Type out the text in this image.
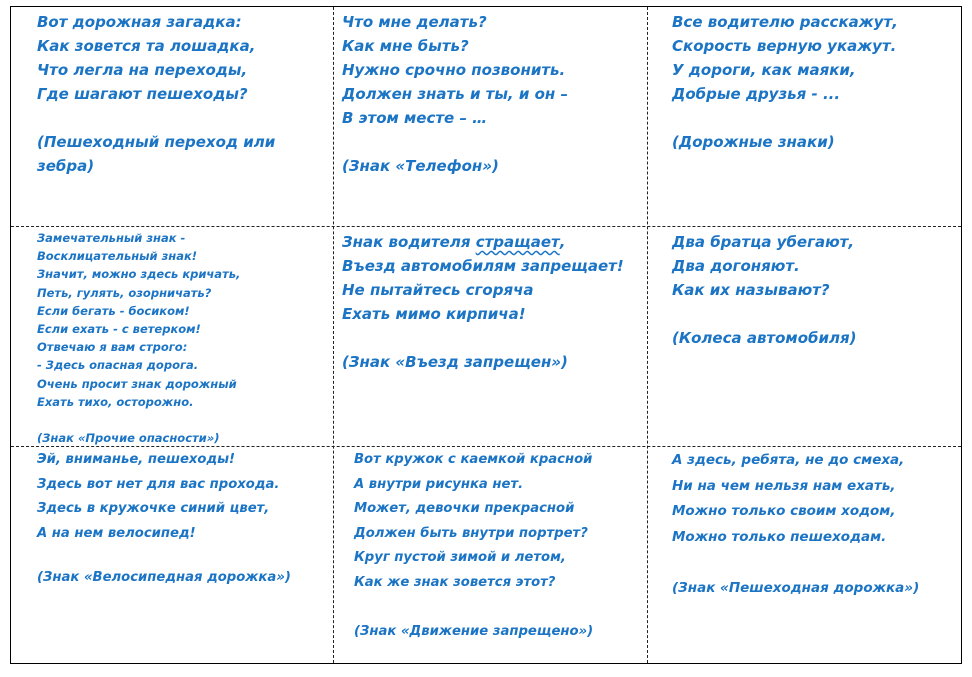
Вот дорожная загадка:
Как зовется та лошадка,
Что легла на переходы,
Где шагают пешеходы?
(Пешеходный переход или
зебра)
Что мне делать?
Как мне быть?
Нужно срочно позвонить.
Должен знать и ты, и он –
В этом месте – …
(Знак «Телефон»)
Все водителю расскажут,
Скорость верную укажут.
У дороги, как маяки,
Добрые друзья - ...
(Дорожные знаки)
Замечательный знак -
Восклицательный знак!
Значит, можно здесь кричать,
Петь, гулять, озорничать?
Если бегать - босиком!
Если ехать - с ветерком!
Отвечаю я вам строго:
- Здесь опасная дорога.
Очень просит знак дорожный
Ехать тихо, осторожно.
(Знак «Прочие опасности»)
Знак водителя стращает,
Въезд автомобилям запрещает!
Не пытайтесь сгоряча
Ехать мимо кирпича!
(Знак «Въезд запрещен»)
Два братца убегают,
Два догоняют.
Как их называют?
(Колеса автомобиля)
Эй, вниманье, пешеходы!
Здесь вот нет для вас прохода.
Здесь в кружочке синий цвет,
А на нем велосипед!
(Знак «Велосипедная дорожка»)
Вот кружок с каемкой красной
А внутри рисунка нет.
Может, девочки прекрасной
Должен быть внутри портрет?
Круг пустой зимой и летом,
Как же знак зовется этот?
(Знак «Движение запрещено»)
А здесь, ребята, не до смеха,
Ни на чем нельзя нам ехать,
Можно только своим ходом,
Можно только пешеходам.
(Знак «Пешеходная дорожка»)
